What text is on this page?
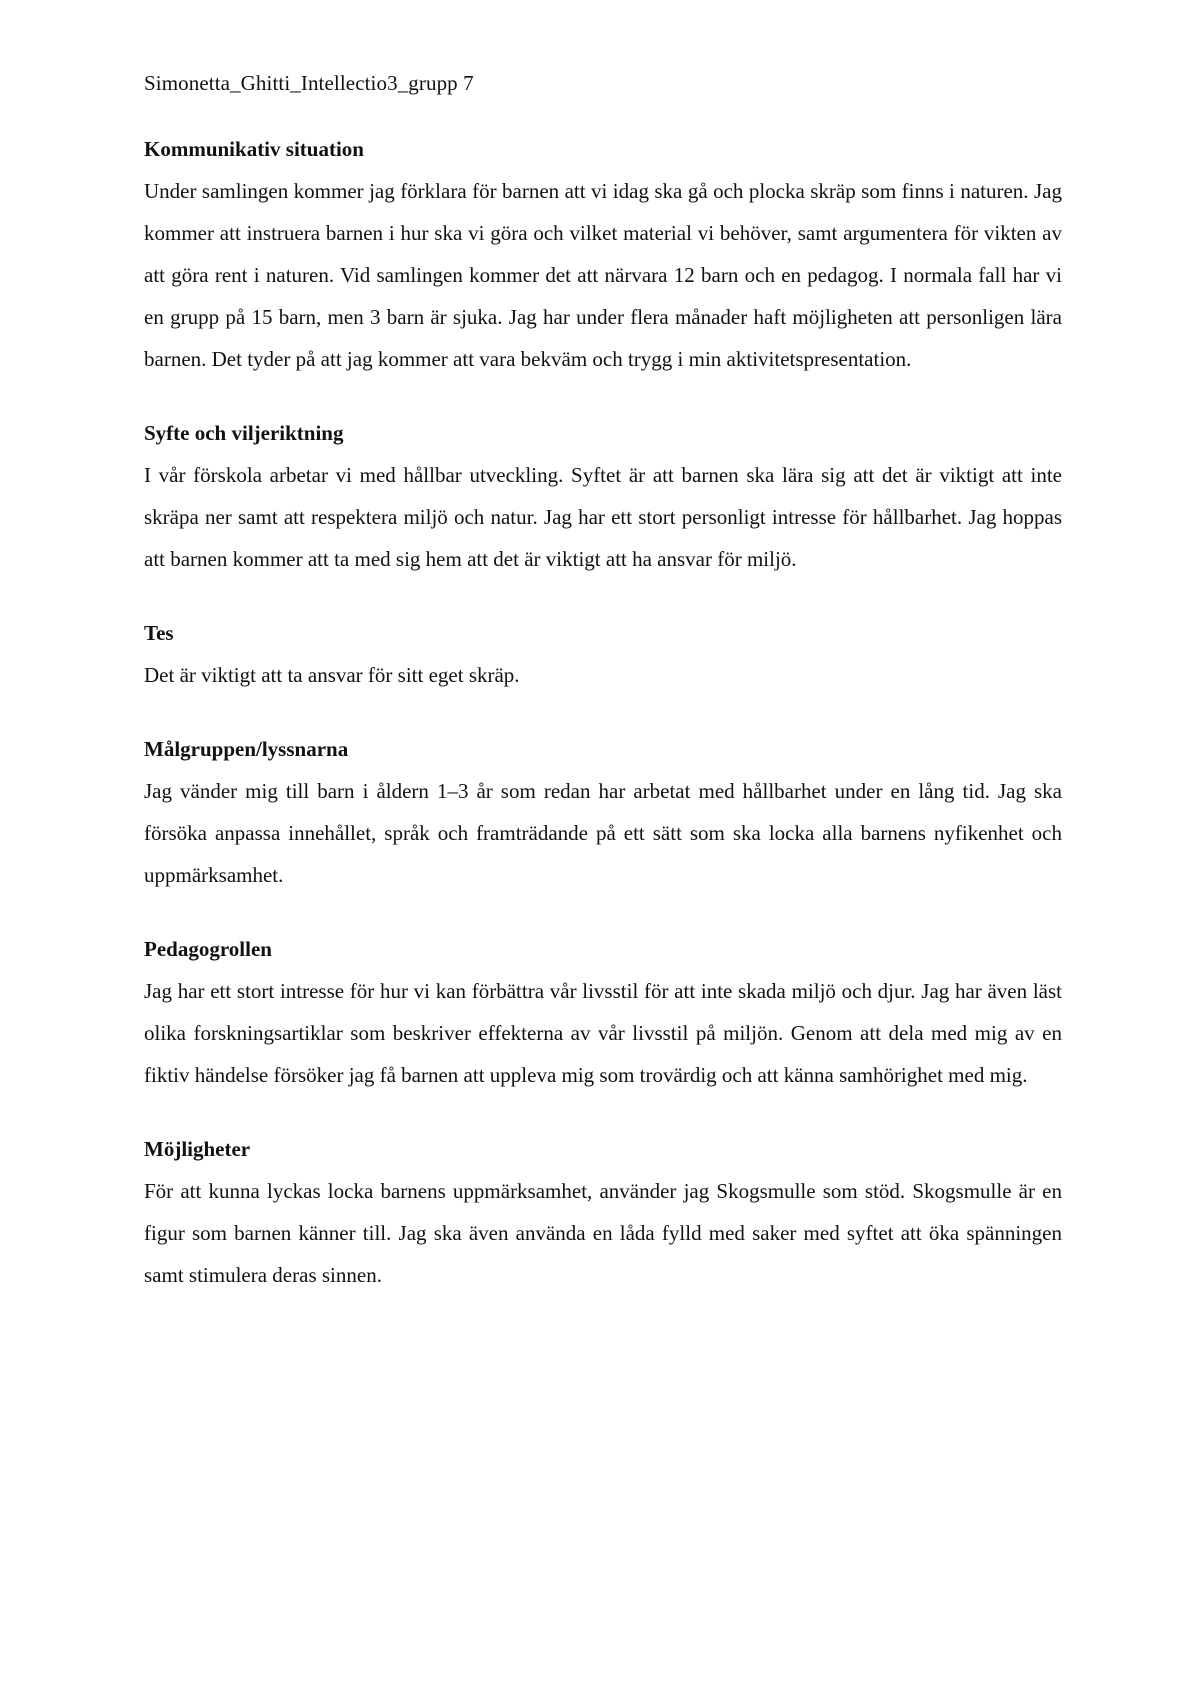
Simonetta_Ghitti_Intellectio3_grupp 7
Kommunikativ situation

Under samlingen kommer jag förklara för barnen att vi idag ska gå och plocka skräp som finns i naturen. Jag kommer att instruera barnen i hur ska vi göra och vilket material vi behöver, samt argumentera för vikten av att göra rent i naturen. Vid samlingen kommer det att närvara 12 barn och en pedagog. I normala fall har vi en grupp på 15 barn, men 3 barn är sjuka. Jag har under flera månader haft möjligheten att personligen lära barnen. Det tyder på att jag kommer att vara bekväm och trygg i min aktivitetspresentation.

Syfte och viljeriktning

I vår förskola arbetar vi med hållbar utveckling. Syftet är att barnen ska lära sig att det är viktigt att inte skräpa ner samt att respektera miljö och natur. Jag har ett stort personligt intresse för hållbarhet. Jag hoppas att barnen kommer att ta med sig hem att det är viktigt att ha ansvar för miljö.

Tes

Det är viktigt att ta ansvar för sitt eget skräp.

Målgruppen/lyssnarna

Jag vänder mig till barn i åldern 1–3 år som redan har arbetat med hållbarhet under en lång tid. Jag ska försöka anpassa innehållet, språk och framträdande på ett sätt som ska locka alla barnens nyfikenhet och uppmärksamhet.

Pedagogrollen

Jag har ett stort intresse för hur vi kan förbättra vår livsstil för att inte skada miljö och djur. Jag har även läst olika forskningsartiklar som beskriver effekterna av vår livsstil på miljön. Genom att dela med mig av en fiktiv händelse försöker jag få barnen att uppleva mig som trovärdig och att känna samhörighet med mig.

Möjligheter

För att kunna lyckas locka barnens uppmärksamhet, använder jag Skogsmulle som stöd. Skogsmulle är en figur som barnen känner till. Jag ska även använda en låda fylld med saker med syftet att öka spänningen samt stimulera deras sinnen.
